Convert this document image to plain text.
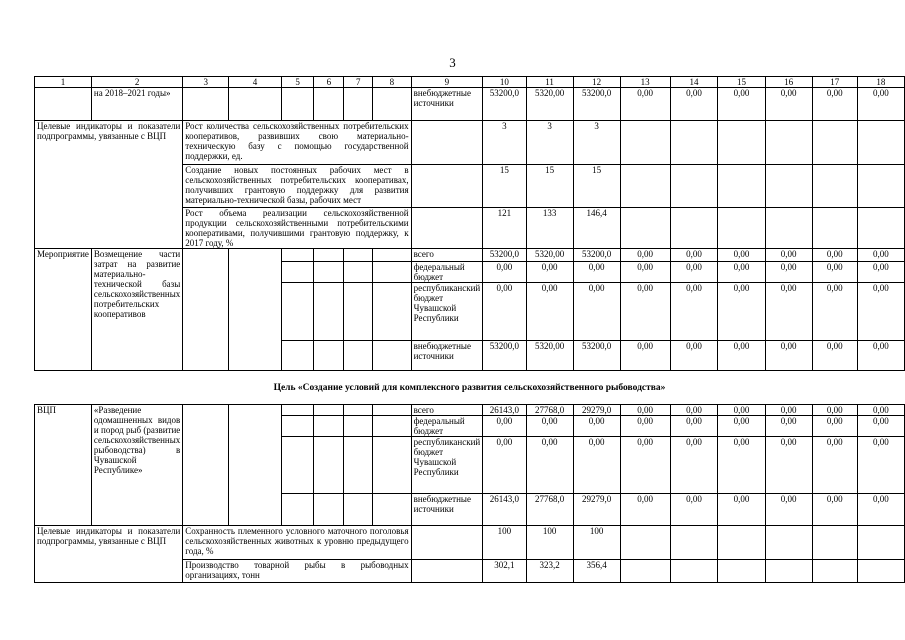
3
1	2	3	4	5	6	7	8	9	10	11	12	13	14	15	16	17	18
	на 2018–2021 годы»							внебюджетные источники	53200,0	5320,00	53200,0	0,00	0,00	0,00	0,00	0,00	0,00
Целевые индикаторы и показатели подпрограммы, увязанные с ВЦП		Рост количества сельскохозяйственных потребительских кооперативов, развивших свою материально-техническую базу с помощью государственной поддержки, ед.							3	3	3						
		Создание новых постоянных рабочих мест в сельскохозяйственных потребительских кооперативах, получивших грантовую поддержку для развития материально-технической базы, рабочих мест							15	15	15						
		Рост объема реализации сельскохозяйственной продукции сельскохозяйственными потребительскими кооперативами, получившими грантовую поддержку, к 2017 году, %							121	133	146,4						
Мероприятие	Возмещение части затрат на развитие материально-технической базы сельскохозяйственных потребительских кооперативов							всего	53200,0	5320,00	53200,0	0,00	0,00	0,00	0,00	0,00	0,00
								федеральный бюджет	0,00	0,00	0,00	0,00	0,00	0,00	0,00	0,00	0,00
								республиканский бюджет Чувашской Республики	0,00	0,00	0,00	0,00	0,00	0,00	0,00	0,00	0,00
								внебюджетные источники	53200,0	5320,00	53200,0	0,00	0,00	0,00	0,00	0,00	0,00
Цель «Создание условий для комплексного развития сельскохозяйственного рыбоводства»																	
ВЦП	«Разведение одомашненных видов и пород рыб (развитие сельскохозяйственных рыбоводства) в Чувашской Республике»							всего	26143,0	27768,0	29279,0	0,00	0,00	0,00	0,00	0,00	0,00
								федеральный бюджет	0,00	0,00	0,00	0,00	0,00	0,00	0,00	0,00	0,00
								республиканский бюджет Чувашской Республики	0,00	0,00	0,00	0,00	0,00	0,00	0,00	0,00	0,00
								внебюджетные источники	26143,0	27768,0	29279,0	0,00	0,00	0,00	0,00	0,00	0,00
Целевые индикаторы и показатели подпрограммы, увязанные с ВЦП		Сохранность племенного условного маточного поголовья сельскохозяйственных животных к уровню предыдущего года, %							100	100	100						
		Производство товарной рыбы в рыбоводных организациях, тонн							302,1	323,2	356,4						
